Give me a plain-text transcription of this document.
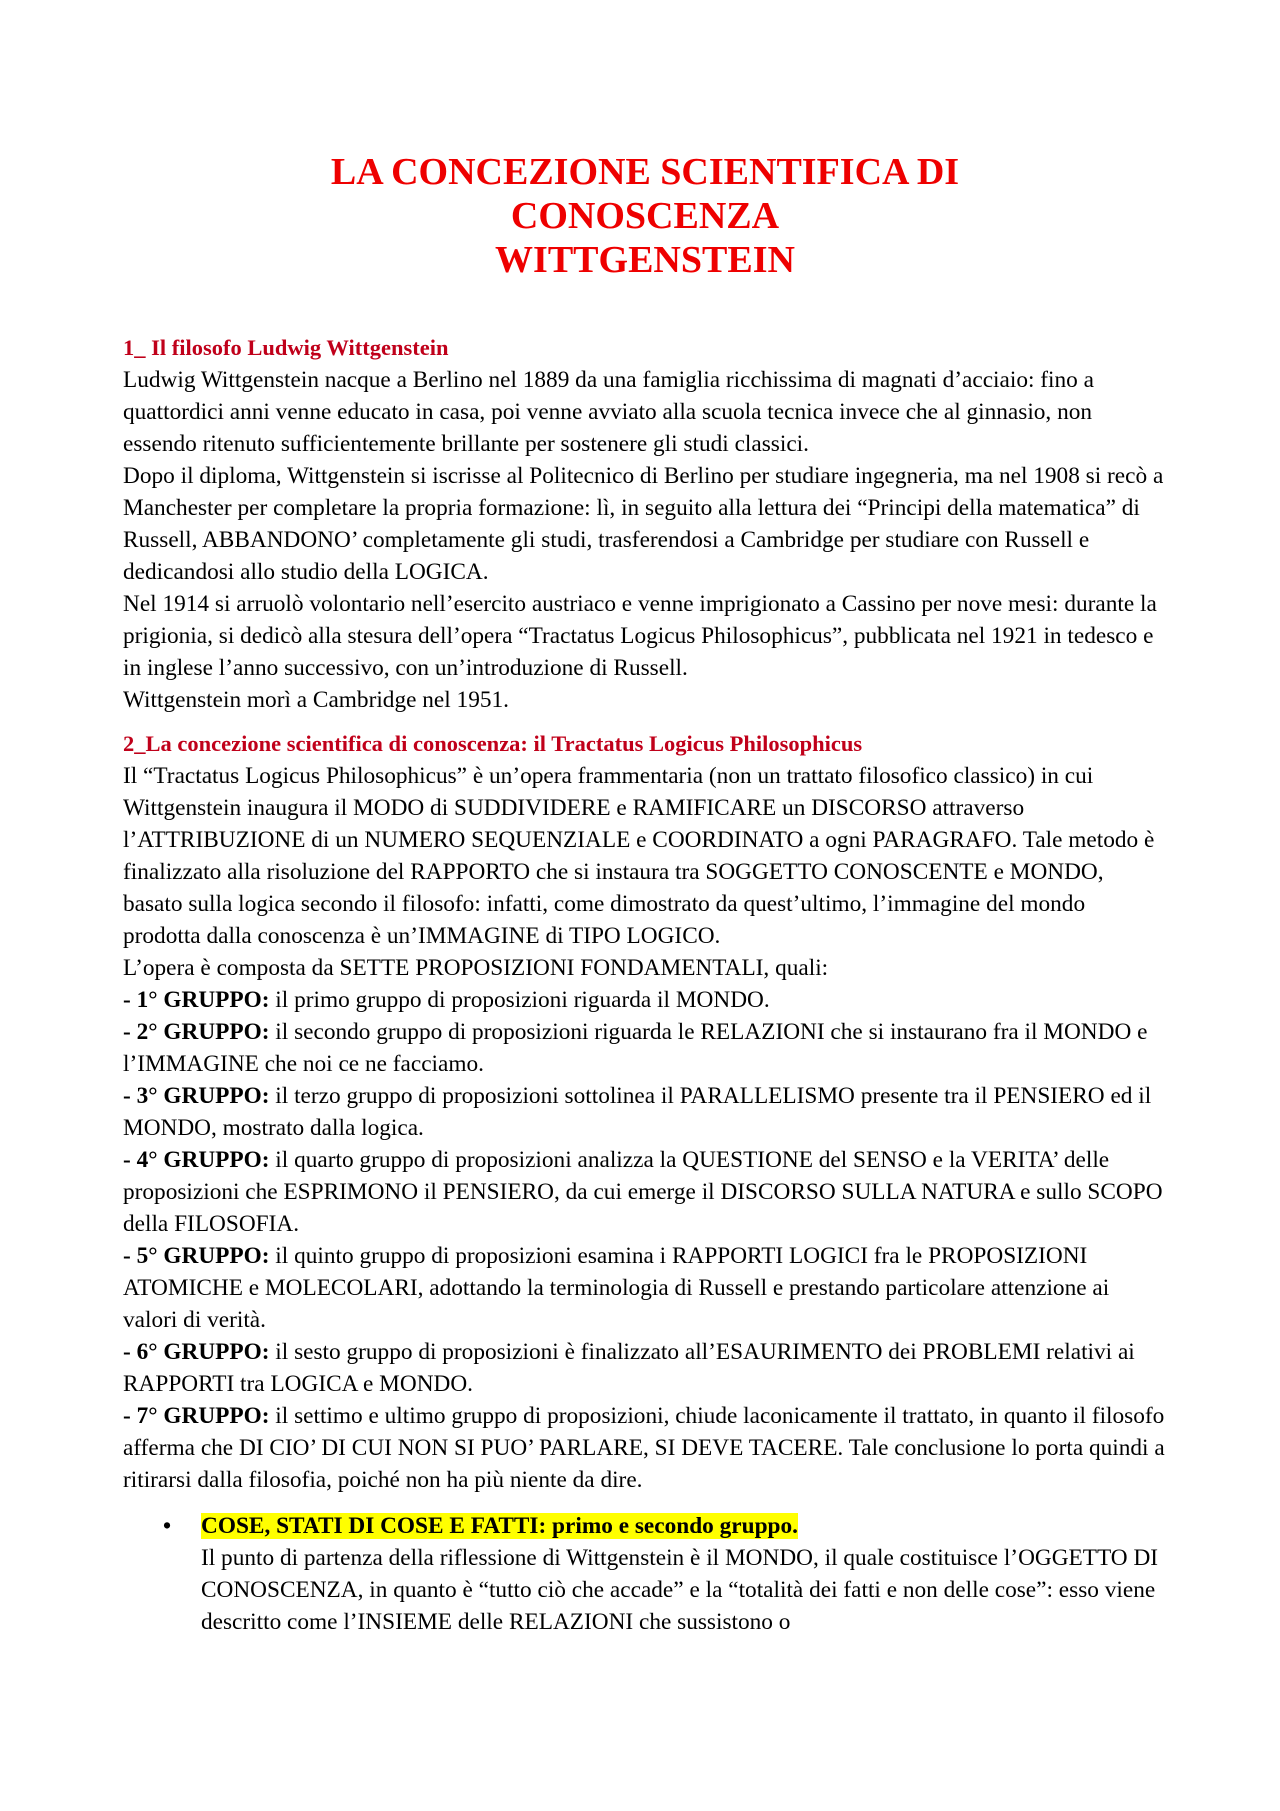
LA CONCEZIONE SCIENTIFICA DI
CONOSCENZA
WITTGENSTEIN
1_ Il filosofo Ludwig Wittgenstein

Ludwig Wittgenstein nacque a Berlino nel 1889 da una famiglia ricchissima di magnati d’acciaio: fino a quattordici anni venne educato in casa, poi venne avviato alla scuola tecnica invece che al ginnasio, non essendo ritenuto sufficientemente brillante per sostenere gli studi classici.

Dopo il diploma, Wittgenstein si iscrisse al Politecnico di Berlino per studiare ingegneria, ma nel 1908 si recò a Manchester per completare la propria formazione: lì, in seguito alla lettura dei “Principi della matematica” di Russell, ABBANDONO’ completamente gli studi, trasferendosi a Cambridge per studiare con Russell e dedicandosi allo studio della LOGICA.

Nel 1914 si arruolò volontario nell’esercito austriaco e venne imprigionato a Cassino per nove mesi: durante la prigionia, si dedicò alla stesura dell’opera “Tractatus Logicus Philosophicus”, pubblicata nel 1921 in tedesco e in inglese l’anno successivo, con un’introduzione di Russell.

Wittgenstein morì a Cambridge nel 1951.

2_La concezione scientifica di conoscenza: il Tractatus Logicus Philosophicus

Il “Tractatus Logicus Philosophicus” è un’opera frammentaria (non un trattato filosofico classico) in cui Wittgenstein inaugura il MODO di SUDDIVIDERE e RAMIFICARE un DISCORSO attraverso l’ATTRIBUZIONE di un NUMERO SEQUENZIALE e COORDINATO a ogni PARAGRAFO. Tale metodo è finalizzato alla risoluzione del RAPPORTO che si instaura tra SOGGETTO CONOSCENTE e MONDO, basato sulla logica secondo il filosofo: infatti, come dimostrato da quest’ultimo, l’immagine del mondo prodotta dalla conoscenza è un’IMMAGINE di TIPO LOGICO.

L’opera è composta da SETTE PROPOSIZIONI FONDAMENTALI, quali:

- 1° GRUPPO: il primo gruppo di proposizioni riguarda il MONDO.

- 2° GRUPPO: il secondo gruppo di proposizioni riguarda le RELAZIONI che si instaurano fra il MONDO e l’IMMAGINE che noi ce ne facciamo.

- 3° GRUPPO: il terzo gruppo di proposizioni sottolinea il PARALLELISMO presente tra il PENSIERO ed il MONDO, mostrato dalla logica.

- 4° GRUPPO: il quarto gruppo di proposizioni analizza la QUESTIONE del SENSO e la VERITA’ delle proposizioni che ESPRIMONO il PENSIERO, da cui emerge il DISCORSO SULLA NATURA e sullo SCOPO della FILOSOFIA.

- 5° GRUPPO: il quinto gruppo di proposizioni esamina i RAPPORTI LOGICI fra le PROPOSIZIONI ATOMICHE e MOLECOLARI, adottando la terminologia di Russell e prestando particolare attenzione ai valori di verità.

- 6° GRUPPO: il sesto gruppo di proposizioni è finalizzato all’ESAURIMENTO dei PROBLEMI relativi ai RAPPORTI tra LOGICA e MONDO.

- 7° GRUPPO: il settimo e ultimo gruppo di proposizioni, chiude laconicamente il trattato, in quanto il filosofo afferma che DI CIO’ DI CUI NON SI PUO’ PARLARE, SI DEVE TACERE. Tale conclusione lo porta quindi a ritirarsi dalla filosofia, poiché non ha più niente da dire.

• COSE, STATI DI COSE E FATTI: primo e secondo gruppo.

Il punto di partenza della riflessione di Wittgenstein è il MONDO, il quale costituisce l’OGGETTO DI CONOSCENZA, in quanto è “tutto ciò che accade” e la “totalità dei fatti e non delle cose”: esso viene descritto come l’INSIEME delle RELAZIONI che sussistono o
